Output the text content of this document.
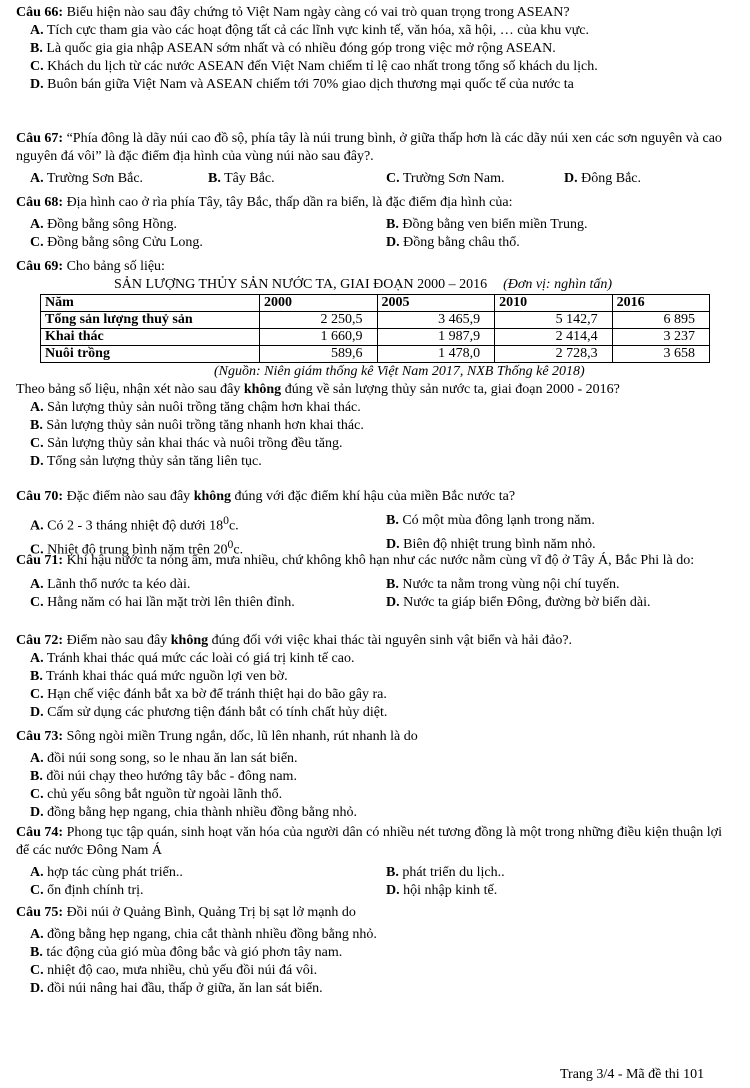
Câu 66: Biểu hiện nào sau đây chứng tỏ Việt Nam ngày càng có vai trò quan trọng trong ASEAN?

A. Tích cực tham gia vào các hoạt động tất cả các lĩnh vực kinh tế, văn hóa, xã hội, … của khu vực.
B. Là quốc gia gia nhập ASEAN sớm nhất và có nhiều đóng góp trong việc mở rộng ASEAN.
C. Khách du lịch từ các nước ASEAN đến Việt Nam chiếm tỉ lệ cao nhất trong tổng số khách du lịch.
D. Buôn bán giữa Việt Nam và ASEAN chiếm tới 70% giao dịch thương mại quốc tế của nước ta

Câu 67: “Phía đông là dãy núi cao đồ sộ, phía tây là núi trung bình, ở giữa thấp hơn là các dãy núi xen các sơn nguyên và cao nguyên đá vôi” là đặc điểm địa hình của vùng núi nào sau đây?.

A. Trường Sơn Bắc.	B. Tây Bắc.	C. Trường Sơn Nam.	D. Đông Bắc.

Câu 68: Địa hình cao ở rìa phía Tây, tây Bắc, thấp dần ra biển, là đặc điểm địa hình của:

A. Đồng bằng sông Hồng.	B. Đồng bằng ven biển miền Trung.
C. Đồng bằng sông Cửu Long.	D. Đồng bằng châu thổ.

Câu 69: Cho bảng số liệu:

SẢN LƯỢNG THỦY SẢN NƯỚC TA, GIAI ĐOẠN 2000 – 2016 (Đơn vị: nghìn tấn)
Năm	2000	2005	2010	2016
Tổng sản lượng thuỷ sản	2 250,5	3 465,9	5 142,7	6 895
Khai thác	1 660,9	1 987,9	2 414,4	3 237
Nuôi trồng	589,6	1 478,0	2 728,3	3 658
(Nguồn: Niên giám thống kê Việt Nam 2017, NXB Thống kê 2018)

Theo bảng số liệu, nhận xét nào sau đây không đúng về sản lượng thủy sản nước ta, giai đoạn 2000 - 2016?

A. Sản lượng thủy sản nuôi trồng tăng chậm hơn khai thác.
B. Sản lượng thủy sản nuôi trồng tăng nhanh hơn khai thác.
C. Sản lượng thủy sản khai thác và nuôi trồng đều tăng.
D. Tổng sản lượng thủy sản tăng liên tục.

Câu 70: Đặc điểm nào sau đây không đúng với đặc điểm khí hậu của miền Bắc nước ta?

A. Có 2 - 3 tháng nhiệt độ dưới $18^0c$.	B. Có một mùa đông lạnh trong năm.
C. Nhiệt độ trung bình năm trên $20^0c$.	D. Biên độ nhiệt trung bình năm nhỏ.

Câu 71: Khí hậu nước ta nóng ẩm, mưa nhiều, chứ không khô hạn như các nước nằm cùng vĩ độ ở Tây Á, Bắc Phi là do:

A. Lãnh thổ nước ta kéo dài.	B. Nước ta nằm trong vùng nội chí tuyến.
C. Hằng năm có hai lần mặt trời lên thiên đỉnh.	D. Nước ta giáp biển Đông, đường bờ biển dài.

Câu 72: Điểm nào sau đây không đúng đối với việc khai thác tài nguyên sinh vật biển và hải đảo?.

A. Tránh khai thác quá mức các loài có giá trị kinh tế cao.
B. Tránh khai thác quá mức nguồn lợi ven bờ.
C. Hạn chế việc đánh bắt xa bờ để tránh thiệt hại do bão gây ra.
D. Cấm sử dụng các phương tiện đánh bắt có tính chất hủy diệt.

Câu 73: Sông ngòi miền Trung ngắn, dốc, lũ lên nhanh, rút nhanh là do

A. đồi núi song song, so le nhau ăn lan sát biển.
B. đồi núi chạy theo hướng tây bắc - đông nam.
C. chủ yếu sông bắt nguồn từ ngoài lãnh thổ.
D. đồng bằng hẹp ngang, chia thành nhiều đồng bằng nhỏ.

Câu 74: Phong tục tập quán, sinh hoạt văn hóa của người dân có nhiều nét tương đồng là một trong những điều kiện thuận lợi để các nước Đông Nam Á

A. hợp tác cùng phát triển..	B. phát triển du lịch..
C. ổn định chính trị.	D. hội nhập kinh tế.

Câu 75: Đồi núi ở Quảng Bình, Quảng Trị bị sạt lở mạnh do

A. đồng bằng hẹp ngang, chia cắt thành nhiều đồng bằng nhỏ.
B. tác động của gió mùa đông bắc và gió phơn tây nam.
C. nhiệt độ cao, mưa nhiều, chủ yếu đồi núi đá vôi.
D. đồi núi nâng hai đầu, thấp ở giữa, ăn lan sát biển.
Trang 3/4 - Mã đề thi 101
